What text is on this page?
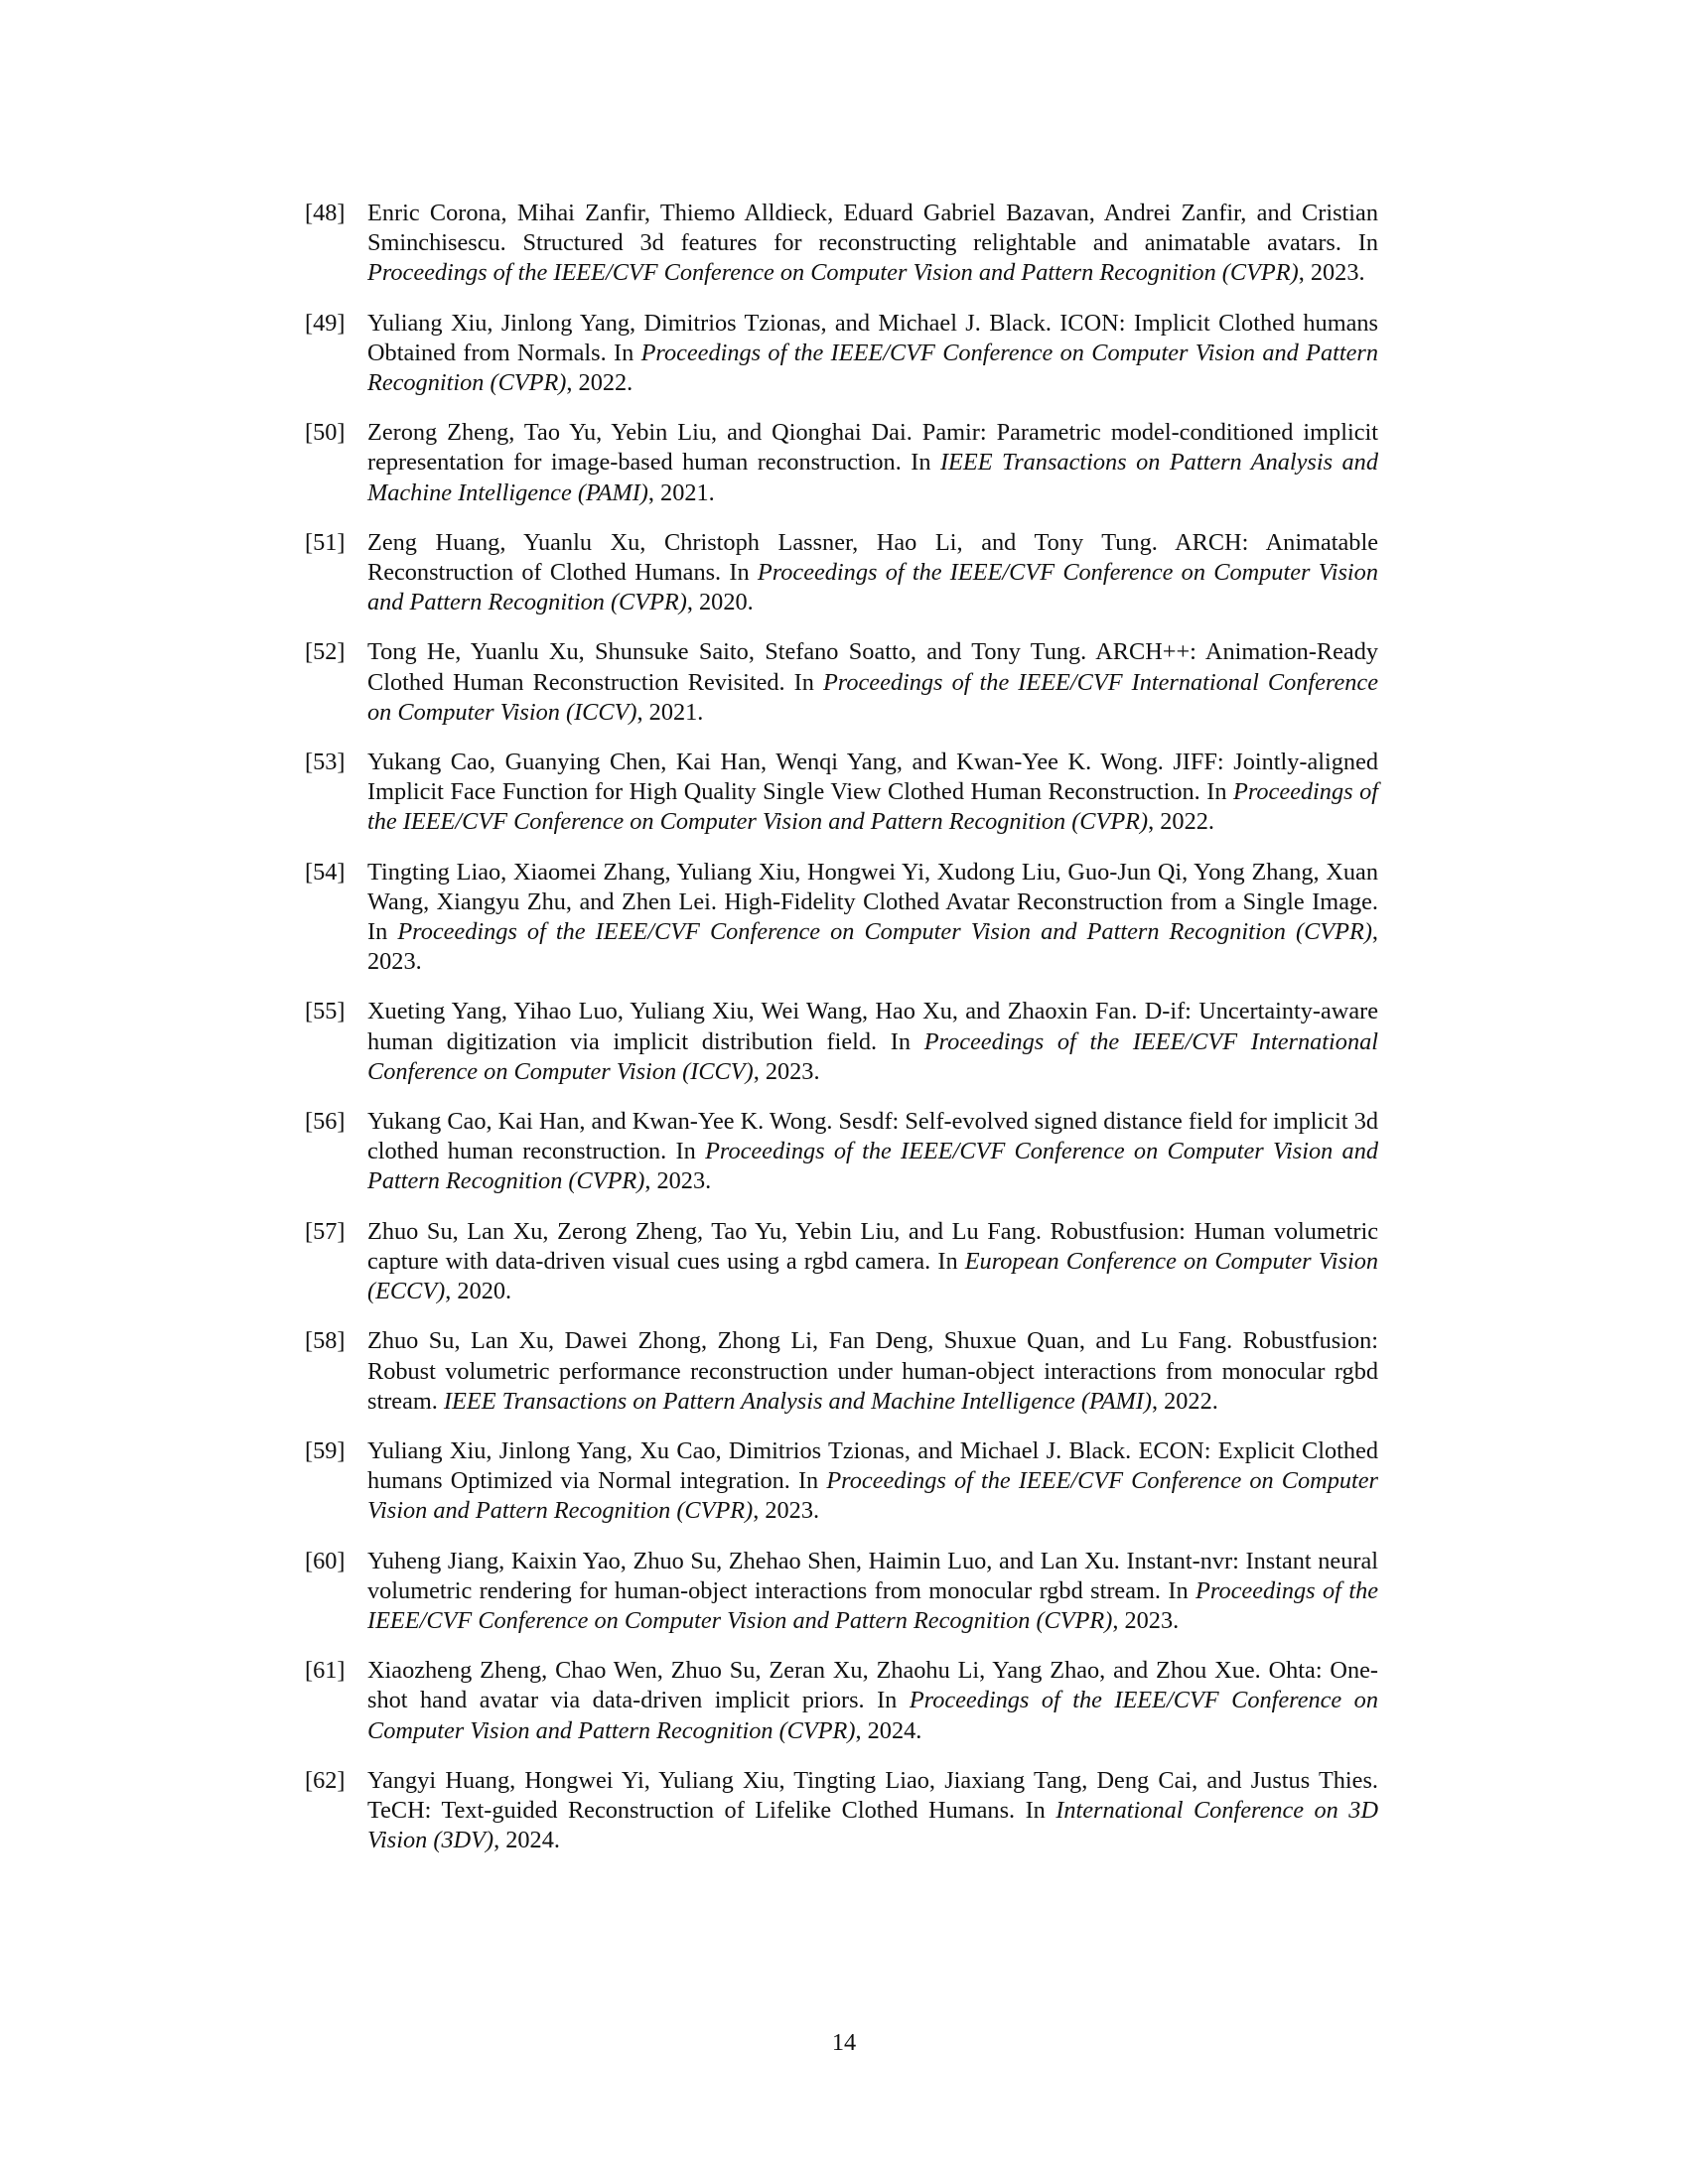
[48] Enric Corona, Mihai Zanfir, Thiemo Alldieck, Eduard Gabriel Bazavan, Andrei Zanfir, and Cristian Sminchisescu. Structured 3d features for reconstructing relightable and animatable avatars. In Proceedings of the IEEE/CVF Conference on Computer Vision and Pattern Recognition (CVPR), 2023.
[49] Yuliang Xiu, Jinlong Yang, Dimitrios Tzionas, and Michael J. Black. ICON: Implicit Clothed humans Obtained from Normals. In Proceedings of the IEEE/CVF Conference on Computer Vision and Pattern Recognition (CVPR), 2022.
[50] Zerong Zheng, Tao Yu, Yebin Liu, and Qionghai Dai. Pamir: Parametric model-conditioned implicit representation for image-based human reconstruction. In IEEE Transactions on Pattern Analysis and Machine Intelligence (PAMI), 2021.
[51] Zeng Huang, Yuanlu Xu, Christoph Lassner, Hao Li, and Tony Tung. ARCH: Animatable Reconstruction of Clothed Humans. In Proceedings of the IEEE/CVF Conference on Computer Vision and Pattern Recognition (CVPR), 2020.
[52] Tong He, Yuanlu Xu, Shunsuke Saito, Stefano Soatto, and Tony Tung. ARCH++: Animation-Ready Clothed Human Reconstruction Revisited. In Proceedings of the IEEE/CVF International Conference on Computer Vision (ICCV), 2021.
[53] Yukang Cao, Guanying Chen, Kai Han, Wenqi Yang, and Kwan-Yee K. Wong. JIFF: Jointly-aligned Implicit Face Function for High Quality Single View Clothed Human Reconstruction. In Proceedings of the IEEE/CVF Conference on Computer Vision and Pattern Recognition (CVPR), 2022.
[54] Tingting Liao, Xiaomei Zhang, Yuliang Xiu, Hongwei Yi, Xudong Liu, Guo-Jun Qi, Yong Zhang, Xuan Wang, Xiangyu Zhu, and Zhen Lei. High-Fidelity Clothed Avatar Reconstruction from a Single Image. In Proceedings of the IEEE/CVF Conference on Computer Vision and Pattern Recognition (CVPR), 2023.
[55] Xueting Yang, Yihao Luo, Yuliang Xiu, Wei Wang, Hao Xu, and Zhaoxin Fan. D-if: Uncertainty-aware human digitization via implicit distribution field. In Proceedings of the IEEE/CVF International Conference on Computer Vision (ICCV), 2023.
[56] Yukang Cao, Kai Han, and Kwan-Yee K. Wong. Sesdf: Self-evolved signed distance field for implicit 3d clothed human reconstruction. In Proceedings of the IEEE/CVF Conference on Computer Vision and Pattern Recognition (CVPR), 2023.
[57] Zhuo Su, Lan Xu, Zerong Zheng, Tao Yu, Yebin Liu, and Lu Fang. Robustfusion: Human volumetric capture with data-driven visual cues using a rgbd camera. In European Conference on Computer Vision (ECCV), 2020.
[58] Zhuo Su, Lan Xu, Dawei Zhong, Zhong Li, Fan Deng, Shuxue Quan, and Lu Fang. Robustfusion: Robust volumetric performance reconstruction under human-object interactions from monocular rgbd stream. IEEE Transactions on Pattern Analysis and Machine Intelligence (PAMI), 2022.
[59] Yuliang Xiu, Jinlong Yang, Xu Cao, Dimitrios Tzionas, and Michael J. Black. ECON: Explicit Clothed humans Optimized via Normal integration. In Proceedings of the IEEE/CVF Conference on Computer Vision and Pattern Recognition (CVPR), 2023.
[60] Yuheng Jiang, Kaixin Yao, Zhuo Su, Zhehao Shen, Haimin Luo, and Lan Xu. Instant-nvr: Instant neural volumetric rendering for human-object interactions from monocular rgbd stream. In Proceedings of the IEEE/CVF Conference on Computer Vision and Pattern Recognition (CVPR), 2023.
[61] Xiaozheng Zheng, Chao Wen, Zhuo Su, Zeran Xu, Zhaohu Li, Yang Zhao, and Zhou Xue. Ohta: One-shot hand avatar via data-driven implicit priors. In Proceedings of the IEEE/CVF Conference on Computer Vision and Pattern Recognition (CVPR), 2024.
[62] Yangyi Huang, Hongwei Yi, Yuliang Xiu, Tingting Liao, Jiaxiang Tang, Deng Cai, and Justus Thies. TeCH: Text-guided Reconstruction of Lifelike Clothed Humans. In International Conference on 3D Vision (3DV), 2024.
14
